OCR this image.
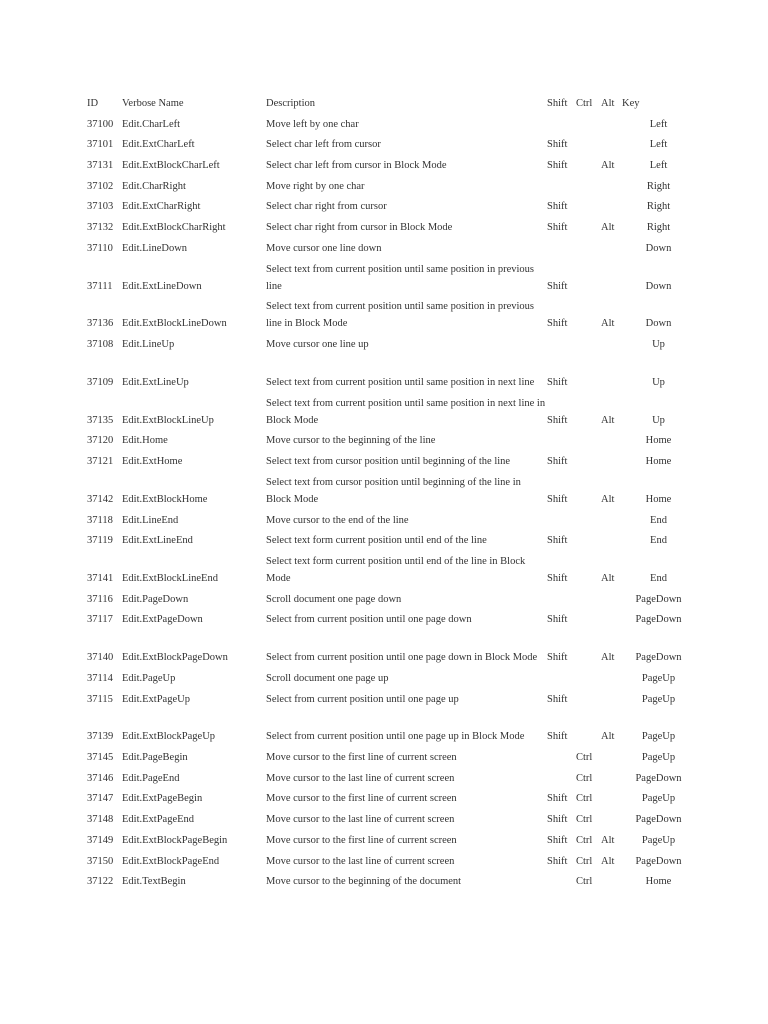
ID	Verbose Name	Description	Shift	Ctrl	Alt	Key
37100	Edit.CharLeft	Move left by one char				Left
37101	Edit.ExtCharLeft	Select char left from cursor	Shift			Left
37131	Edit.ExtBlockCharLeft	Select char left from cursor in Block Mode	Shift		Alt	Left
37102	Edit.CharRight	Move right by one char				Right
37103	Edit.ExtCharRight	Select char right from cursor	Shift			Right
37132	Edit.ExtBlockCharRight	Select char right from cursor in Block Mode	Shift		Alt	Right
37110	Edit.LineDown	Move cursor one line down				Down
37111	Edit.ExtLineDown	Select text from current position until same position in previous line	Shift			Down
37136	Edit.ExtBlockLineDown	Select text from current position until same position in previous line in Block Mode	Shift		Alt	Down
37108	Edit.LineUp	Move cursor one line up				Up
37109	Edit.ExtLineUp	Select text from current position until same position in next line	Shift			Up
37135	Edit.ExtBlockLineUp	Select text from current position until same position in next line in Block Mode	Shift		Alt	Up
37120	Edit.Home	Move cursor to the beginning of the line				Home
37121	Edit.ExtHome	Select text from cursor position until beginning of the line	Shift			Home
37142	Edit.ExtBlockHome	Select text from cursor position until beginning of the line in Block Mode	Shift		Alt	Home
37118	Edit.LineEnd	Move cursor to the end of the line				End
37119	Edit.ExtLineEnd	Select text form current position until end of the line	Shift			End
37141	Edit.ExtBlockLineEnd	Select text form current position until end of the line in Block Mode	Shift		Alt	End
37116	Edit.PageDown	Scroll document one page down				PageDown
37117	Edit.ExtPageDown	Select from current position until one page down	Shift			PageDown
37140	Edit.ExtBlockPageDown	Select from current position until one page down in Block Mode	Shift		Alt	PageDown
37114	Edit.PageUp	Scroll document one page up				PageUp
37115	Edit.ExtPageUp	Select from current position until one page up	Shift			PageUp
37139	Edit.ExtBlockPageUp	Select from current position until one page up in Block Mode	Shift		Alt	PageUp
37145	Edit.PageBegin	Move cursor to the first line of current screen		Ctrl		PageUp
37146	Edit.PageEnd	Move cursor to the last line of current screen		Ctrl		PageDown
37147	Edit.ExtPageBegin	Move cursor to the first line of current screen	Shift	Ctrl		PageUp
37148	Edit.ExtPageEnd	Move cursor to the last line of current screen	Shift	Ctrl		PageDown
37149	Edit.ExtBlockPageBegin	Move cursor to the first line of current screen	Shift	Ctrl	Alt	PageUp
37150	Edit.ExtBlockPageEnd	Move cursor to the last line of current screen	Shift	Ctrl	Alt	PageDown
37122	Edit.TextBegin	Move cursor to the beginning of the document		Ctrl		Home
